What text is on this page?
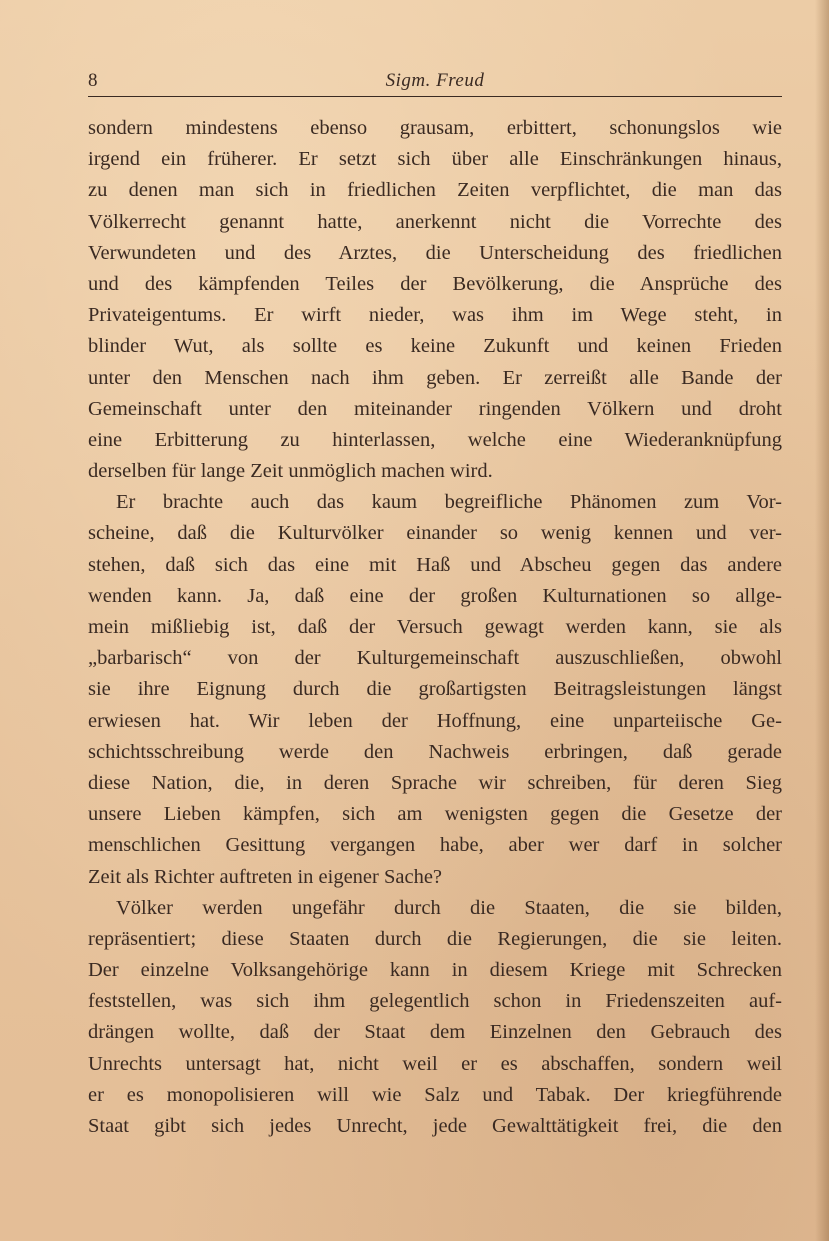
8	Sigm. Freud
sondern mindestens ebenso grausam, erbittert, schonungslos wie
irgend ein früherer. Er setzt sich über alle Einschränkungen hinaus,
zu denen man sich in friedlichen Zeiten verpflichtet, die man das
Völkerrecht genannt hatte, anerkennt nicht die Vorrechte des
Verwundeten und des Arztes, die Unterscheidung des friedlichen
und des kämpfenden Teiles der Bevölkerung, die Ansprüche des
Privateigentums. Er wirft nieder, was ihm im Wege steht, in
blinder Wut, als sollte es keine Zukunft und keinen Frieden
unter den Menschen nach ihm geben. Er zerreißt alle Bande der
Gemeinschaft unter den miteinander ringenden Völkern und droht
eine Erbitterung zu hinterlassen, welche eine Wiederanknüpfung
derselben für lange Zeit unmöglich machen wird.
Er brachte auch das kaum begreifliche Phänomen zum Vor-
scheine, daß die Kulturvölker einander so wenig kennen und ver-
stehen, daß sich das eine mit Haß und Abscheu gegen das andere
wenden kann. Ja, daß eine der großen Kulturnationen so allge-
mein mißliebig ist, daß der Versuch gewagt werden kann, sie als
„barbarisch“ von der Kulturgemeinschaft auszuschließen, obwohl
sie ihre Eignung durch die großartigsten Beitragsleistungen längst
erwiesen hat. Wir leben der Hoffnung, eine unparteiische Ge-
schichtsschreibung werde den Nachweis erbringen, daß gerade
diese Nation, die, in deren Sprache wir schreiben, für deren Sieg
unsere Lieben kämpfen, sich am wenigsten gegen die Gesetze der
menschlichen Gesittung vergangen habe, aber wer darf in solcher
Zeit als Richter auftreten in eigener Sache?
Völker werden ungefähr durch die Staaten, die sie bilden,
repräsentiert; diese Staaten durch die Regierungen, die sie leiten.
Der einzelne Volksangehörige kann in diesem Kriege mit Schrecken
feststellen, was sich ihm gelegentlich schon in Friedenszeiten auf-
drängen wollte, daß der Staat dem Einzelnen den Gebrauch des
Unrechts untersagt hat, nicht weil er es abschaffen, sondern weil
er es monopolisieren will wie Salz und Tabak. Der kriegführende
Staat gibt sich jedes Unrecht, jede Gewalttätigkeit frei, die den
